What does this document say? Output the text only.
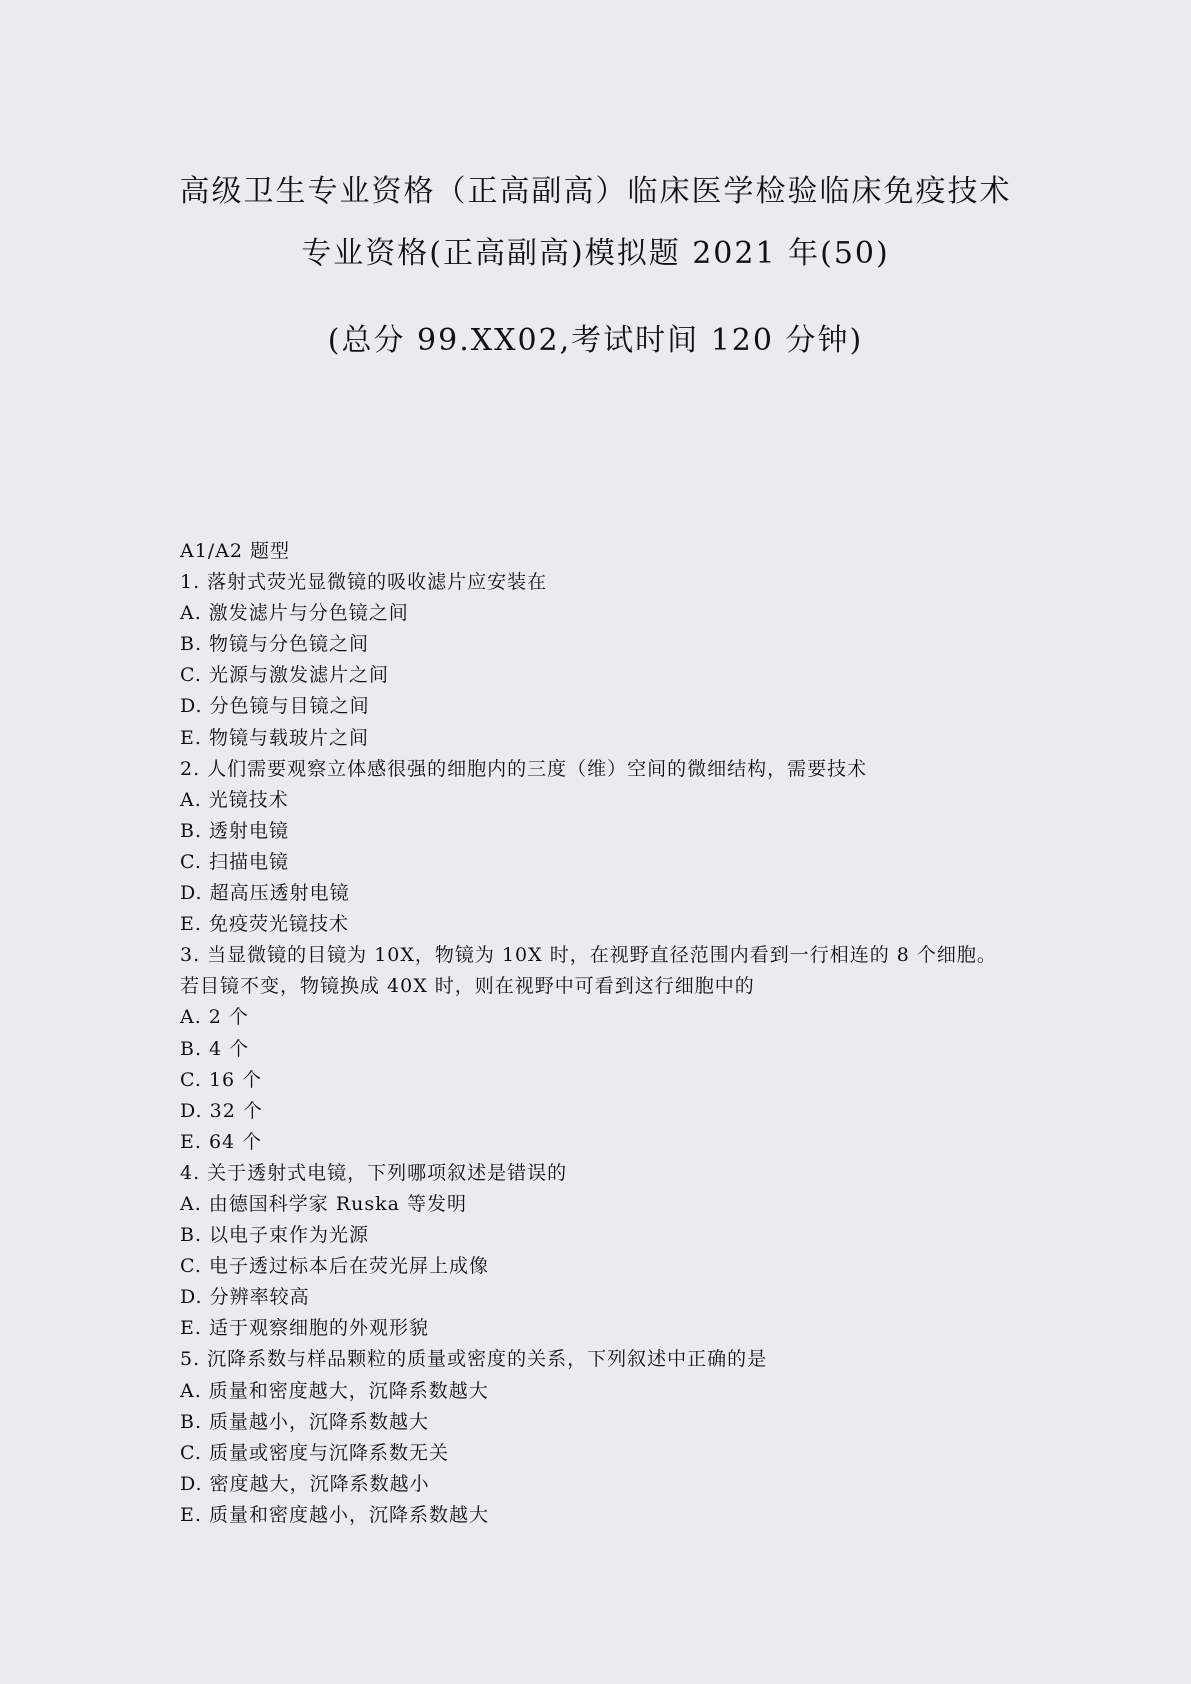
高级卫生专业资格（正高副高）临床医学检验临床免疫技术
专业资格(正高副高)模拟题 2021 年(50)
(总分 99.XX02,考试时间 120 分钟)
A1/A2 题型
1. 落射式荧光显微镜的吸收滤片应安装在
A. 激发滤片与分色镜之间
B. 物镜与分色镜之间
C. 光源与激发滤片之间
D. 分色镜与目镜之间
E. 物镜与载玻片之间
2. 人们需要观察立体感很强的细胞内的三度（维）空间的微细结构，需要技术
A. 光镜技术
B. 透射电镜
C. 扫描电镜
D. 超高压透射电镜
E. 免疫荧光镜技术
3. 当显微镜的目镜为 10X，物镜为 10X 时，在视野直径范围内看到一行相连的 8 个细胞。
若目镜不变，物镜换成 40X 时，则在视野中可看到这行细胞中的
A. 2 个
B. 4 个
C. 16 个
D. 32 个
E. 64 个
4. 关于透射式电镜，下列哪项叙述是错误的
A. 由德国科学家 Ruska 等发明
B. 以电子束作为光源
C. 电子透过标本后在荧光屏上成像
D. 分辨率较高
E. 适于观察细胞的外观形貌
5. 沉降系数与样品颗粒的质量或密度的关系，下列叙述中正确的是
A. 质量和密度越大，沉降系数越大
B. 质量越小，沉降系数越大
C. 质量或密度与沉降系数无关
D. 密度越大，沉降系数越小
E. 质量和密度越小，沉降系数越大
